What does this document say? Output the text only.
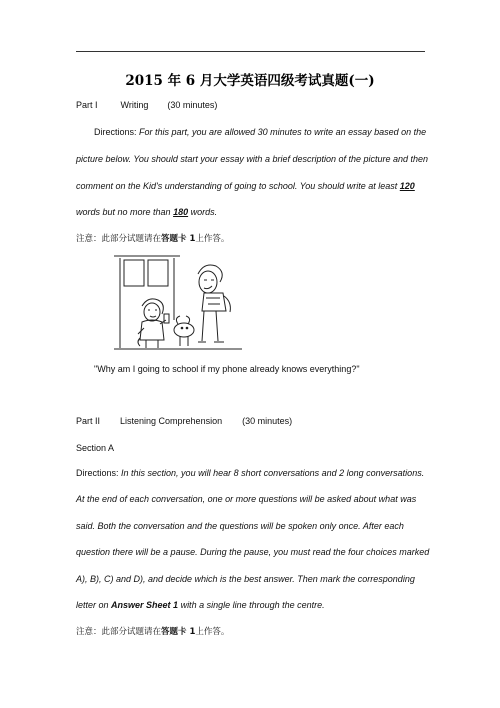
2015 年 6 月大学英语四级考试真题(一)
Part I	Writing (30 minutes)
Directions: For this part, you are allowed 30 minutes to write an essay based on the
picture below. You should start your essay with a brief description of the picture and then
comment on the Kid's understanding of going to school. You should write at least 120
words but no more than 180 words.
注意：此部分试题请在答题卡 1上作答。
"Why am I going to school if my phone already knows everything?"
Part II Listening Comprehension (30 minutes)
Section A
Directions: In this section, you will hear 8 short conversations and 2 long conversations.
At the end of each conversation, one or more questions will be asked about what was
said. Both the conversation and the questions will be spoken only once. After each
question there will be a pause. During the pause, you must read the four choices marked
A), B), C) and D), and decide which is the best answer. Then mark the corresponding
letter on Answer Sheet 1 with a single line through the centre.
注意：此部分试题请在答题卡 1上作答。
